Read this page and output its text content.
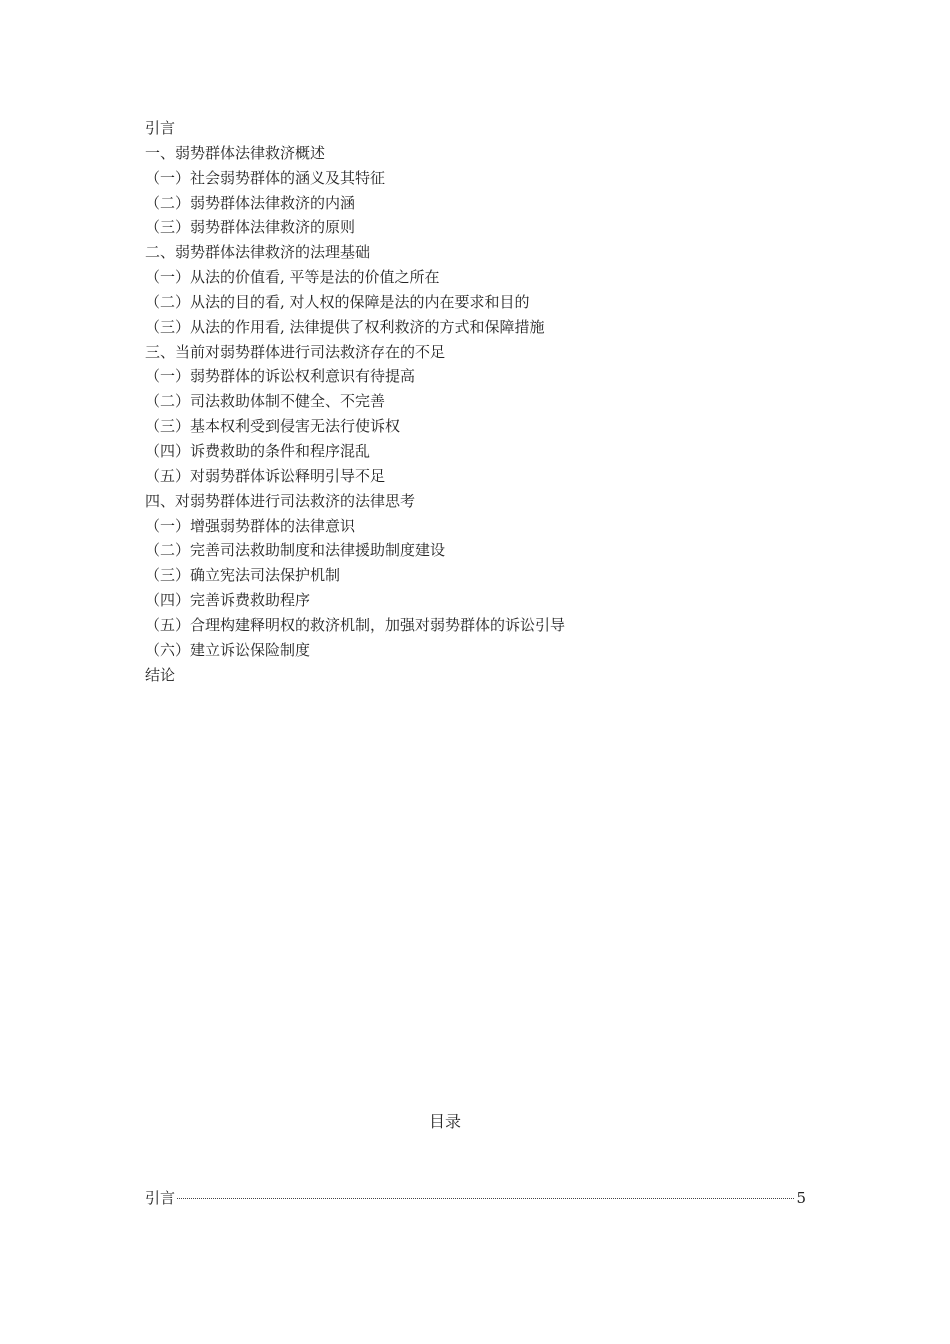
引言
一、弱势群体法律救济概述
（一）社会弱势群体的涵义及其特征
（二）弱势群体法律救济的内涵
（三）弱势群体法律救济的原则
二、弱势群体法律救济的法理基础
（一）从法的价值看, 平等是法的价值之所在
（二）从法的目的看, 对人权的保障是法的内在要求和目的
（三）从法的作用看, 法律提供了权利救济的方式和保障措施
三、当前对弱势群体进行司法救济存在的不足
（一）弱势群体的诉讼权利意识有待提高
（二）司法救助体制不健全、不完善
（三）基本权利受到侵害无法行使诉权
（四）诉费救助的条件和程序混乱
（五）对弱势群体诉讼释明引导不足
四、对弱势群体进行司法救济的法律思考
（一）增强弱势群体的法律意识
（二）完善司法救助制度和法律援助制度建设
（三）确立宪法司法保护机制
（四）完善诉费救助程序
（五）合理构建释明权的救济机制，加强对弱势群体的诉讼引导
（六）建立诉讼保险制度
结论
目录
引言	5
